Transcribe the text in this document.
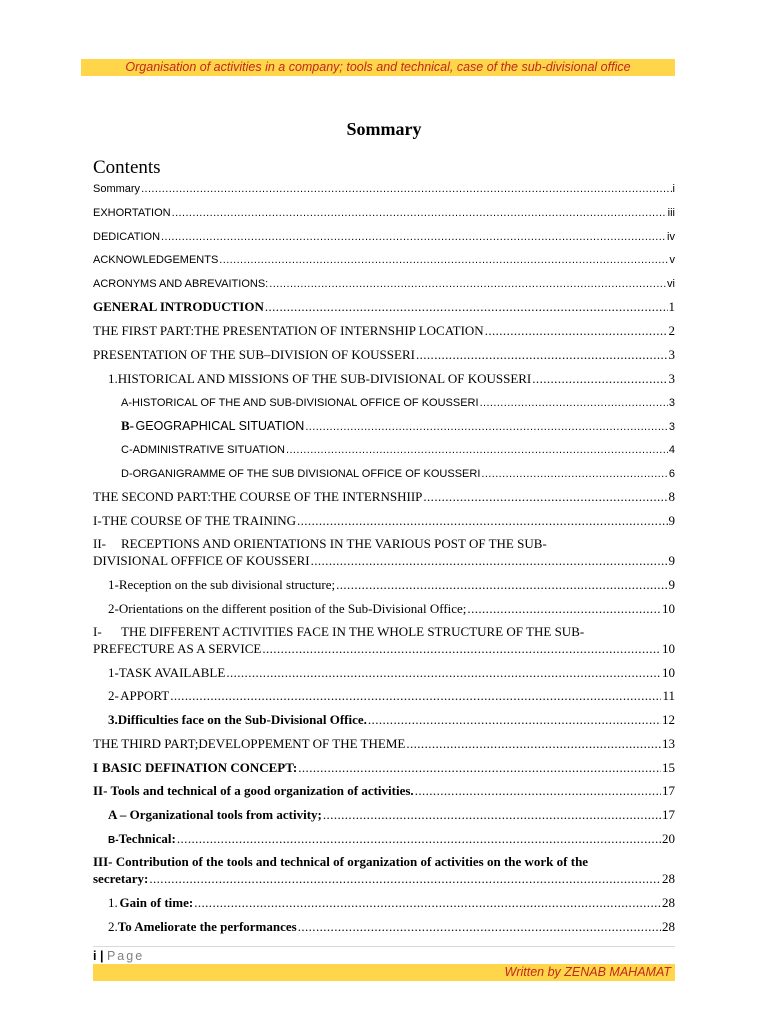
Organisation of activities in a company; tools and technical, case of the sub-divisional office
Sommary
Contents
Sommary .....	i
EXHORTATION .....	iii
DEDICATION .....	iv
ACKNOWLEDGEMENTS .....	v
ACRONYMS AND ABREVAITIONS: .....	vi
GENERAL INTRODUCTION .....	1
THE FIRST PART:THE PRESENTATION OF INTERNSHIP LOCATION .....	2
PRESENTATION OF THE SUB–DIVISION OF KOUSSERI .....	3
1. HISTORICAL AND MISSIONS OF THE SUB-DIVISIONAL OF KOUSSERI .....	3
A- HISTORICAL OF THE AND SUB-DIVISIONAL OFFICE OF KOUSSERI .....	3
B- GEOGRAPHICAL SITUATION .....	3
C- ADMINISTRATIVE SITUATION .....	4
D- ORGANIGRAMME OF THE SUB DIVISIONAL OFFICE OF KOUSSERI .....	6
THE SECOND PART:THE COURSE OF THE INTERNSHIIP .....	8
I- THE COURSE OF THE TRAINING .....	9
II- RECEPTIONS AND ORIENTATIONS IN THE VARIOUS POST OF THE SUB-
DIVISIONAL OFFFICE OF KOUSSERI .....	9
1- Reception on the sub divisional structure; .....	9
2- Orientations on the different position of the Sub-Divisional Office; .....	10
I- THE DIFFERENT ACTIVITIES FACE IN THE WHOLE STRUCTURE OF THE SUB-
PREFECTURE AS A SERVICE .....	10
1- TASK AVAILABLE .....	10
2- APPORT .....	11
3. Difficulties face on the Sub-Divisional Office. .....	12
THE THIRD PART;DEVELOPPEMENT OF THE THEME .....	13
I BASIC DEFINATION CONCEPT: .....	15
II- Tools and technical of a good organization of activities. .....	17
A – Organizational tools from activity; .....	17
B- Technical: .....	20
III- Contribution of the tools and technical of organization of activities on the work of the
secretary: .....	28
1. Gain of time: .....	28
2. To Ameliorate the performances .....	28
i | Page
Written by ZENAB MAHAMAT
